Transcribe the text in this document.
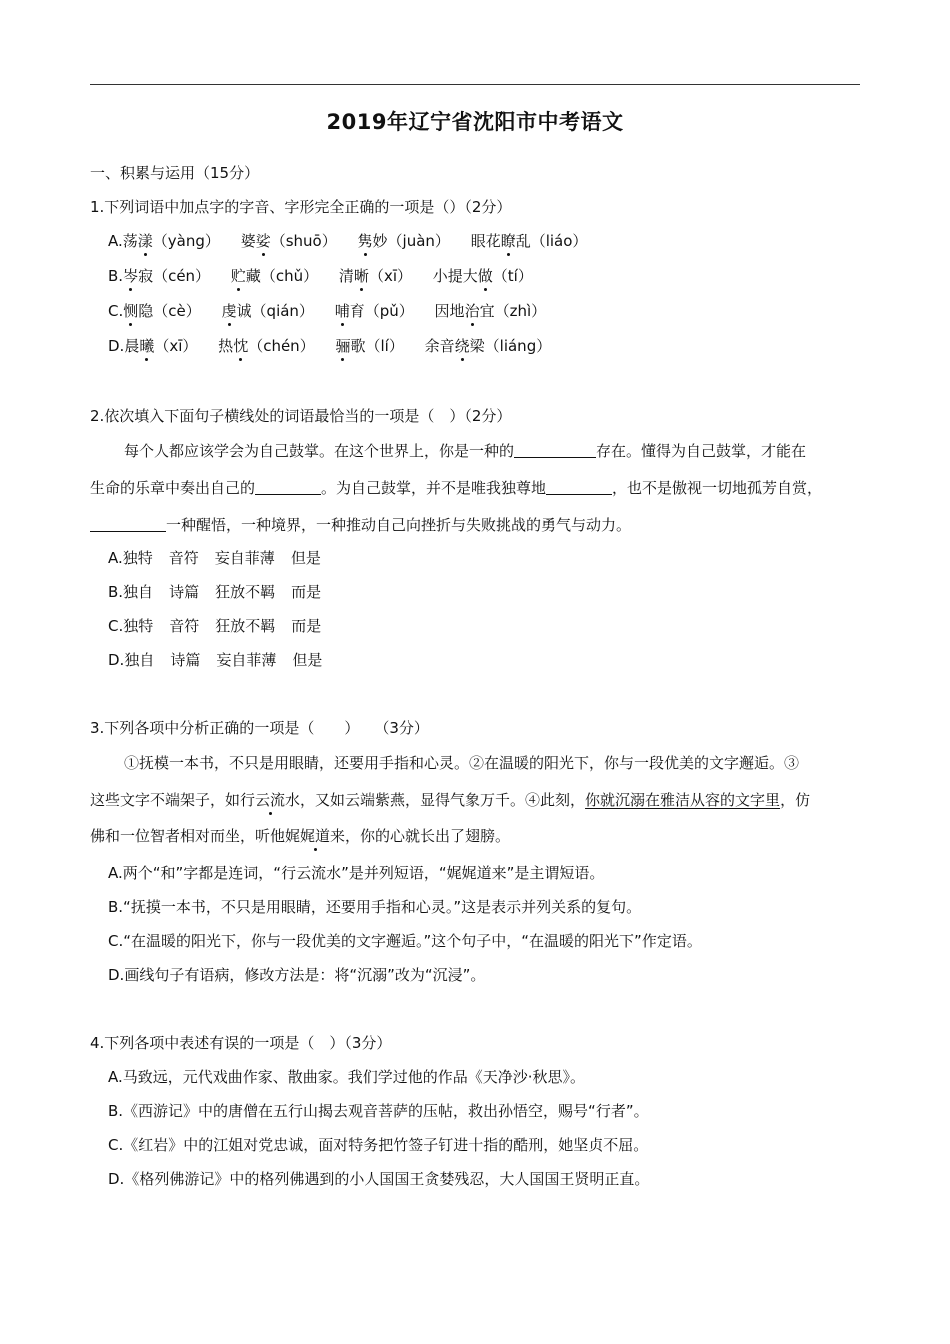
2019年辽宁省沈阳市中考语文
一、积累与运用（15分）
1.下列词语中加点字的字音、字形完全正确的一项是（）（2分）
A.荡漾（yàng） 婆娑（shuō） 隽妙（juàn） 眼花瞭乱（liáo）
B.岑寂（cén） 贮藏（chǔ） 清晰（xī） 小提大做（tí）
C.恻隐（cè） 虔诚（qián） 哺育（pǔ） 因地治宜（zhì）
D.晨曦（xī） 热忱（chén） 骊歌（lí） 余音绕梁（liáng）
2.依次填入下面句子横线处的词语最恰当的一项是（　）（2分）
每个人都应该学会为自己鼓掌。在这个世界上，你是一种的	存在。懂得为自己鼓掌，才能在
生命的乐章中奏出自己的	。为自己鼓掌，并不是唯我独尊地	，也不是傲视一切地孤芳自赏，
一种醒悟，一种境界，一种推动自己向挫折与失败挑战的勇气与动力。
A.独特 音符 妄自菲薄 但是
B.独自 诗篇 狂放不羁 而是
C.独特 音符 狂放不羁 而是
D.独自 诗篇 妄自菲薄 但是
3.下列各项中分析正确的一项是（　　）　　（3分）
①抚模一本书，不只是用眼睛，还要用手指和心灵。②在温暖的阳光下，你与一段优美的文字邂逅。③
这些文字不端架子，如行云流水，又如云端紫燕，显得气象万千。④此刻，你就沉溺在雅洁从容的文字里，仿
佛和一位智者相对而坐，听他娓娓道来，你的心就长出了翅膀。
A.两个“和”字都是连词，“行云流水”是并列短语，“娓娓道来”是主谓短语。
B.“抚摸一本书，不只是用眼睛，还要用手指和心灵。”这是表示并列关系的复句。
C.“在温暖的阳光下，你与一段优美的文字邂逅。”这个句子中，“在温暖的阳光下”作定语。
D.画线句子有语病，修改方法是：将“沉溺”改为“沉浸”。
4.下列各项中表述有误的一项是（　）（3分）
A.马致远，元代戏曲作家、散曲家。我们学过他的作品《天净沙·秋思》。
B.《西游记》中的唐僧在五行山揭去观音菩萨的压帖，救出孙悟空，赐号“行者”。
C.《红岩》中的江姐对党忠诚，面对特务把竹签子钉进十指的酷刑，她坚贞不屈。
D.《格列佛游记》中的格列佛遇到的小人国国王贪婪残忍，大人国国王贤明正直。
